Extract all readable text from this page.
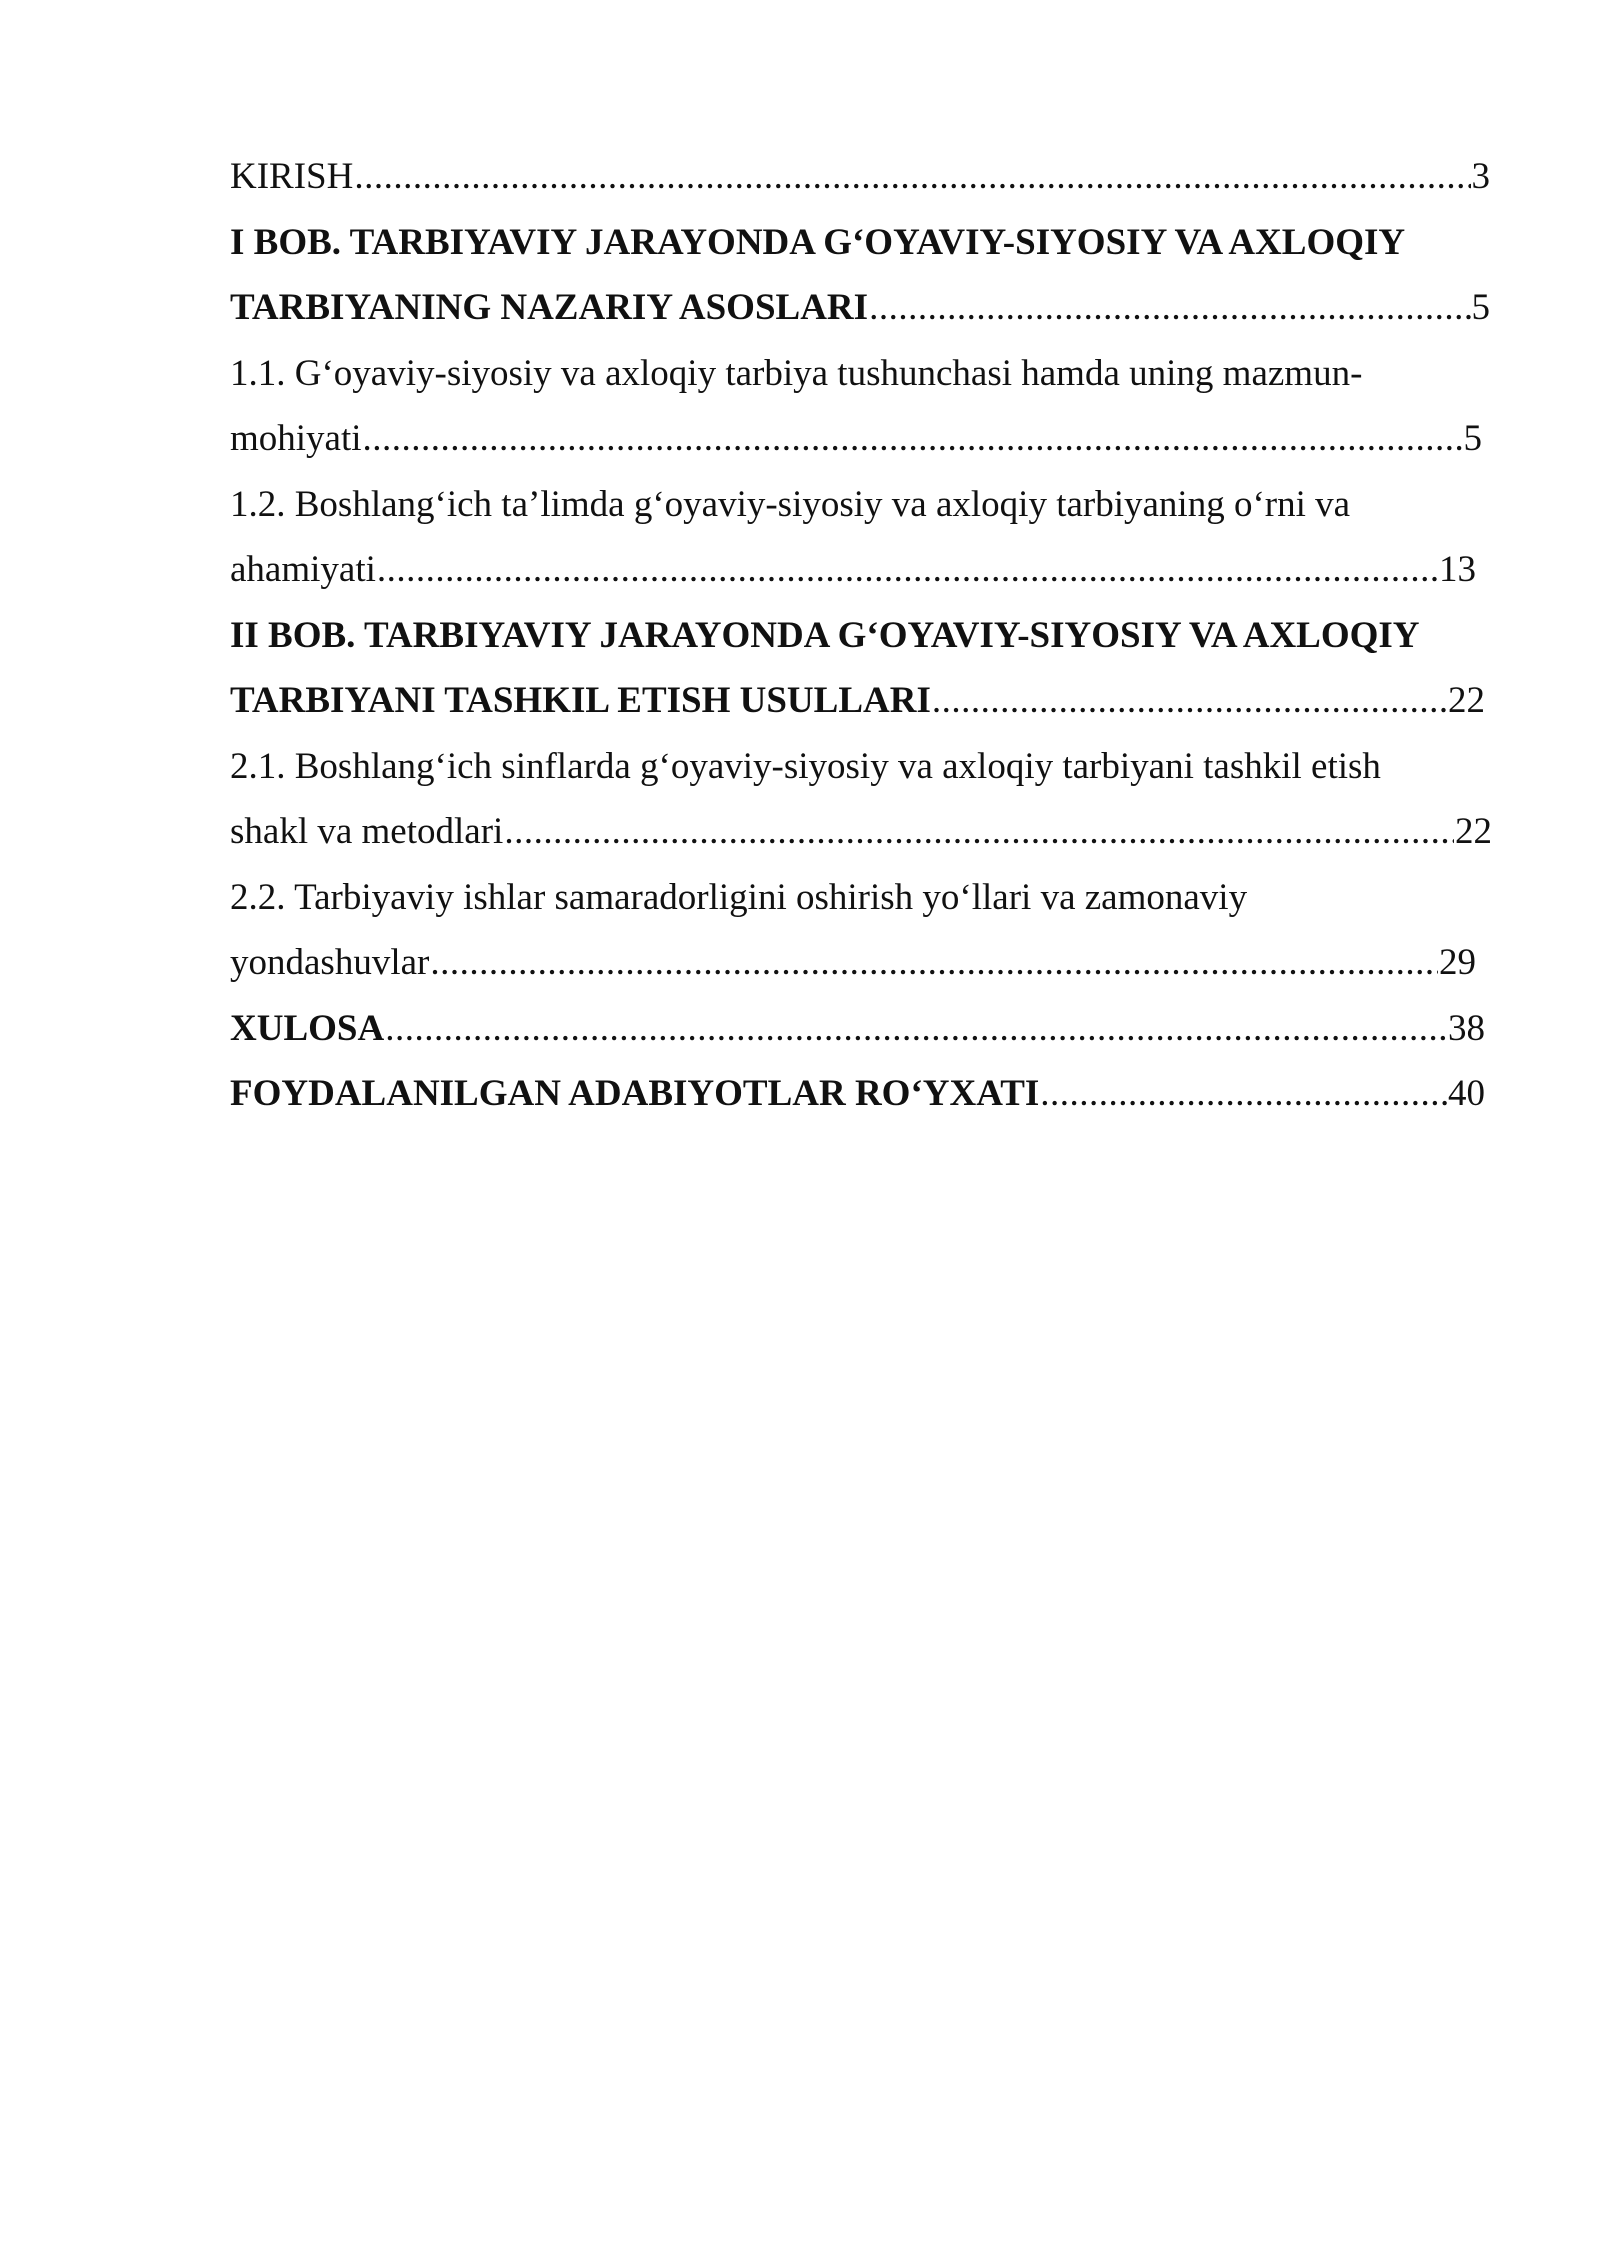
KIRISH .....	3
I BOB. TARBIYAVIY JARAYONDA G‘OYAVIY-SIYOSIY VA AXLOQIY
TARBIYANING NAZARIY ASOSLARI .....	5
1.1. G‘oyaviy-siyosiy va axloqiy tarbiya tushunchasi hamda uning mazmun-
mohiyati .....	5
1.2. Boshlang‘ich ta’limda g‘oyaviy-siyosiy va axloqiy tarbiyaning o‘rni va
ahamiyati .....	13
II BOB. TARBIYAVIY JARAYONDA G‘OYAVIY-SIYOSIY VA AXLOQIY
TARBIYANI TASHKIL ETISH USULLARI .....	22
2.1. Boshlang‘ich sinflarda g‘oyaviy-siyosiy va axloqiy tarbiyani tashkil etish
shakl va metodlari .....	22
2.2. Tarbiyaviy ishlar samaradorligini oshirish yo‘llari va zamonaviy
yondashuvlar .....	29
XULOSA .....	38
FOYDALANILGAN ADABIYOTLAR RO‘YXATI .....	40
